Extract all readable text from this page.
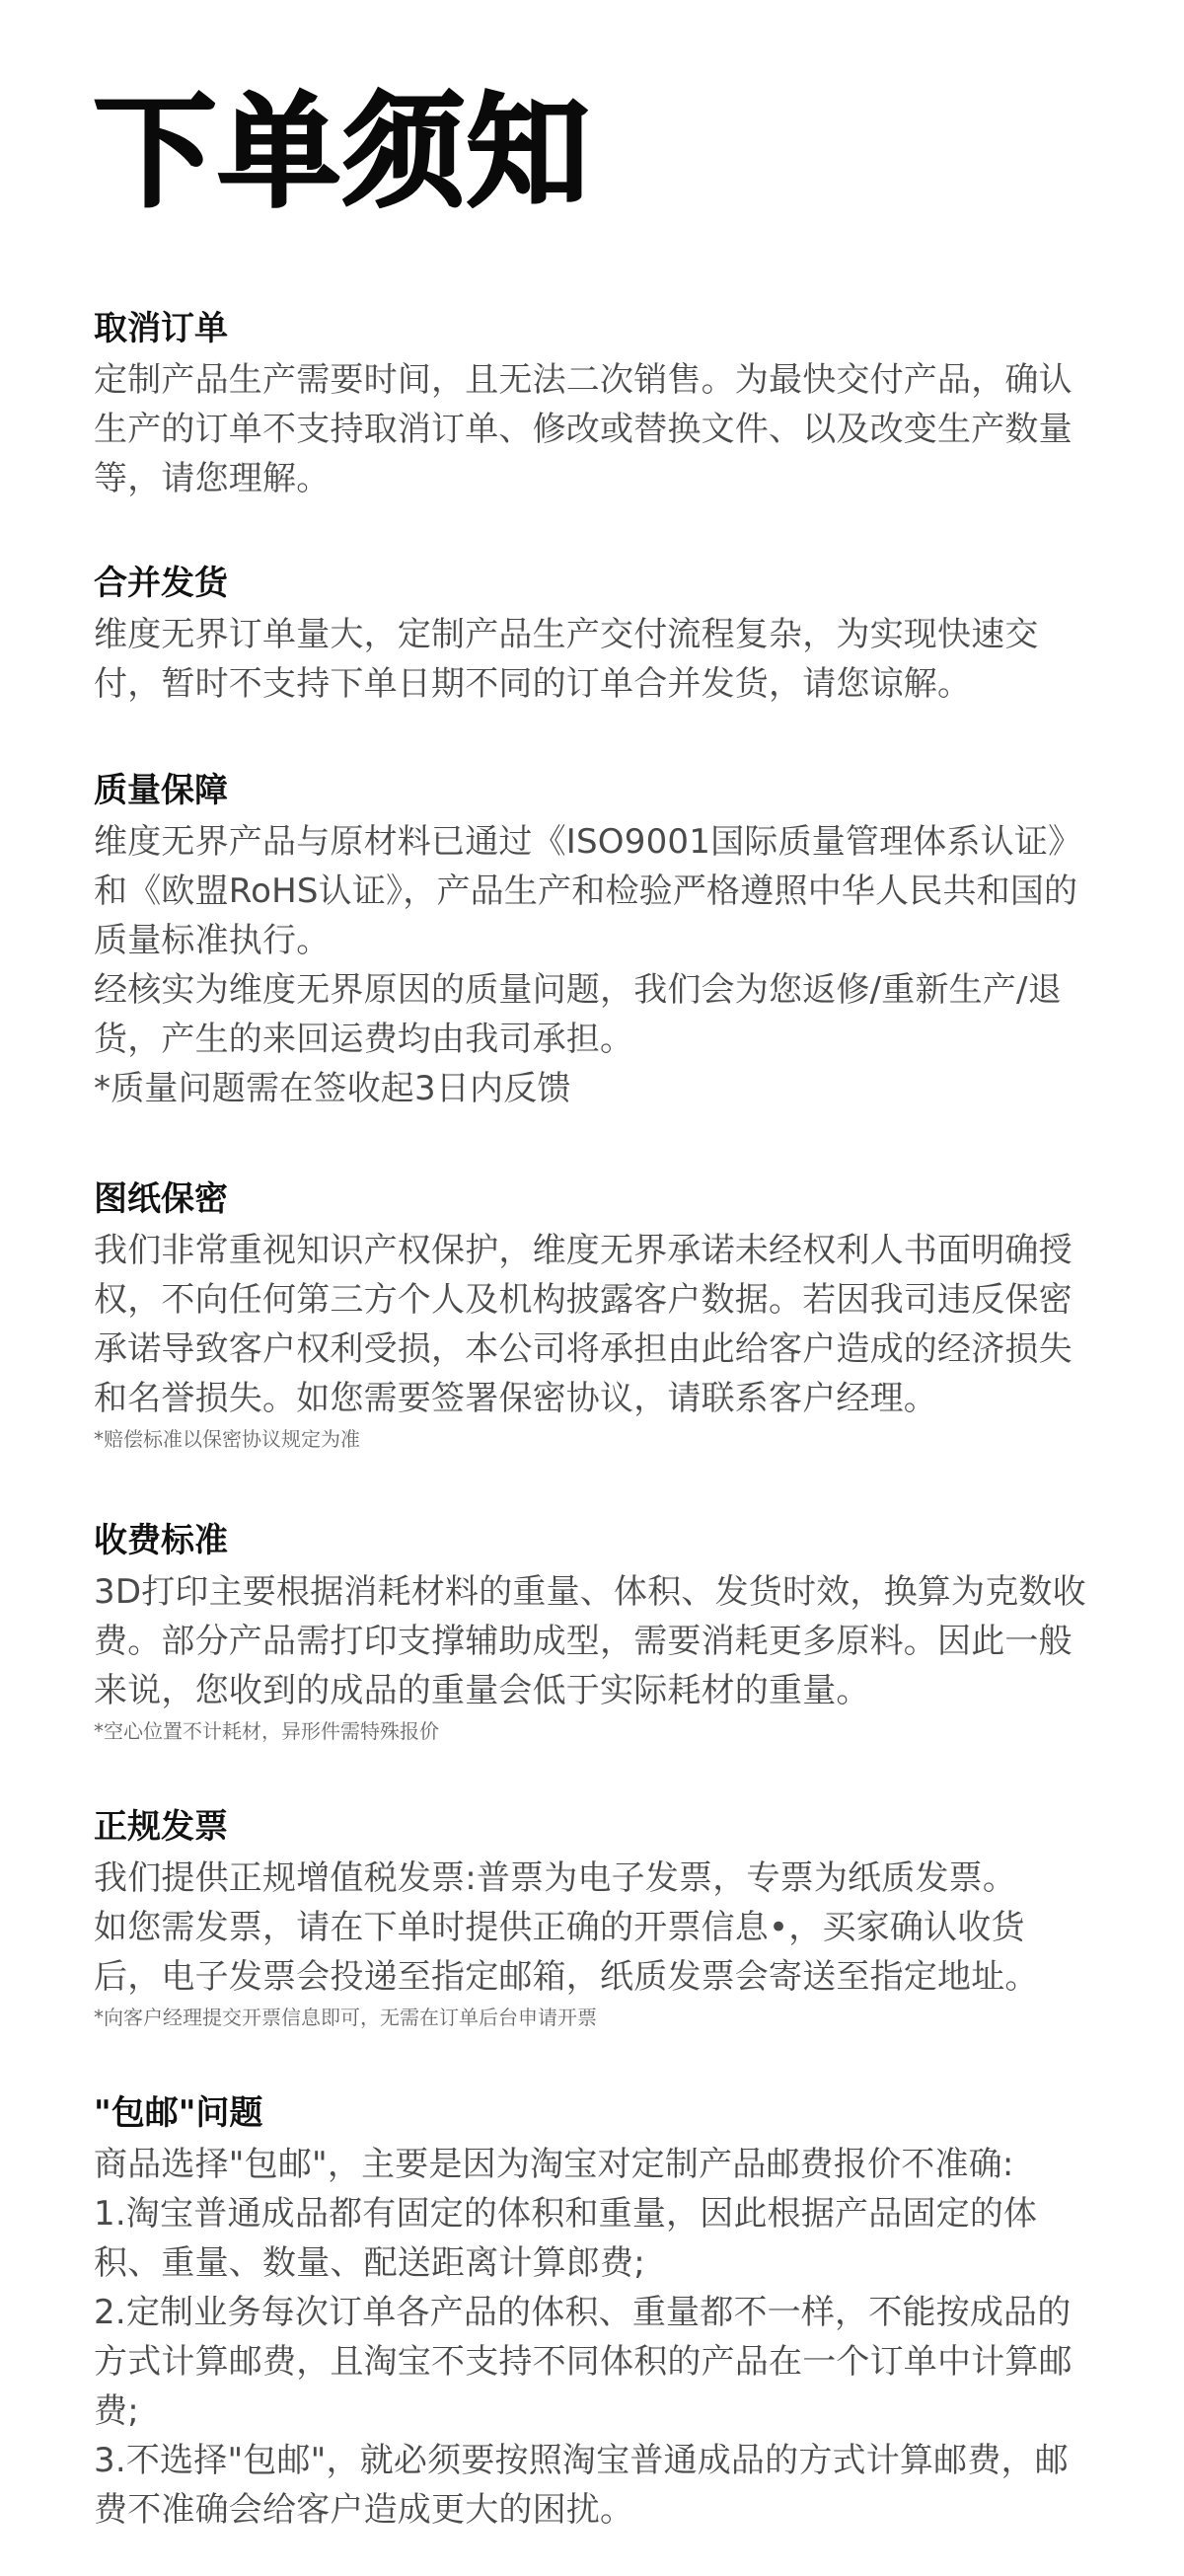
下单须知
取消订单

定制产品生产需要时间，且无法二次销售。为最快交付产品，确认生产的订单不支持取消订单、修改或替换文件、以及改变生产数量等，请您理解。

合并发货

维度无界订单量大，定制产品生产交付流程复杂，为实现快速交付，暂时不支持下单日期不同的订单合并发货，请您谅解。

质量保障

维度无界产品与原材料已通过《ISO9001国际质量管理体系认证》和《欧盟RoHS认证》，产品生产和检验严格遵照中华人民共和国的质量标准执行。

经核实为维度无界原因的质量问题，我们会为您返修/重新生产/退货，产生的来回运费均由我司承担。

*质量问题需在签收起3日内反馈

图纸保密

我们非常重视知识产权保护，维度无界承诺未经权利人书面明确授权，不向任何第三方个人及机构披露客户数据。若因我司违反保密承诺导致客户权利受损，本公司将承担由此给客户造成的经济损失和名誉损失。如您需要签署保密协议，请联系客户经理。

*赔偿标准以保密协议规定为准

收费标准

3D打印主要根据消耗材料的重量、体积、发货时效，换算为克数收费。部分产品需打印支撑辅助成型，需要消耗更多原料。因此一般来说，您收到的成品的重量会低于实际耗材的重量。

*空心位置不计耗材，异形件需特殊报价

正规发票

我们提供正规增值税发票:普票为电子发票，专票为纸质发票。

如您需发票，请在下单时提供正确的开票信息•，买家确认收货后，电子发票会投递至指定邮箱，纸质发票会寄送至指定地址。

*向客户经理提交开票信息即可，无需在订单后台申请开票

"包邮"问题

商品选择"包邮"，主要是因为淘宝对定制产品邮费报价不准确:

1.淘宝普通成品都有固定的体积和重量，因此根据产品固定的体积、重量、数量、配送距离计算郎费;

2.定制业务每次订单各产品的体积、重量都不一样，不能按成品的方式计算邮费，且淘宝不支持不同体积的产品在一个订单中计算邮费;

3.不选择"包邮"，就必须要按照淘宝普通成品的方式计算邮费，邮费不准确会给客户造成更大的困扰。
